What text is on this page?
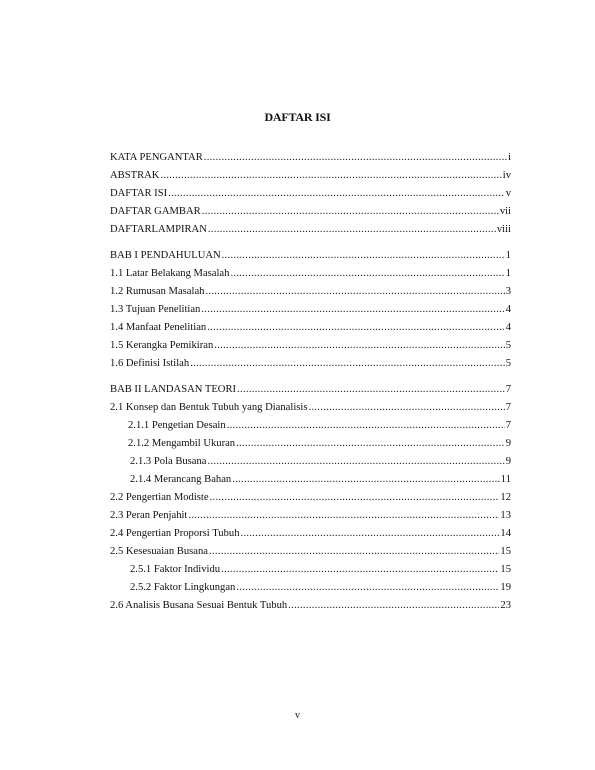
DAFTAR ISI
KATA PENGANTAR .....	i
ABSTRAK .....	iv
DAFTAR ISI .....	v
DAFTAR GAMBAR .....	vii
DAFTARLAMPIRAN .....	viii
BAB I PENDAHULUAN .....	1
1.1 Latar Belakang Masalah .....	1
1.2 Rumusan Masalah .....	3
1.3 Tujuan Penelitian .....	4
1.4 Manfaat Penelitian .....	4
1.5 Kerangka Pemikiran .....	5
1.6 Definisi Istilah .....	5
BAB II LANDASAN TEORI .....	7
2.1 Konsep dan Bentuk Tubuh yang Dianalisis .....	7
2.1.1 Pengetian Desain .....	7
2.1.2 Mengambil Ukuran .....	9
2.1.3 Pola Busana .....	9
2.1.4 Merancang Bahan .....	11
2.2 Pengertian Modiste .....	12
2.3 Peran Penjahit .....	13
2.4 Pengertian Proporsi Tubuh .....	14
2.5 Kesesuaian Busana .....	15
2.5.1 Faktor Individu .....	15
2.5.2 Faktor Lingkungan .....	19
2.6 Analisis Busana Sesuai Bentuk Tubuh .....	23
v
